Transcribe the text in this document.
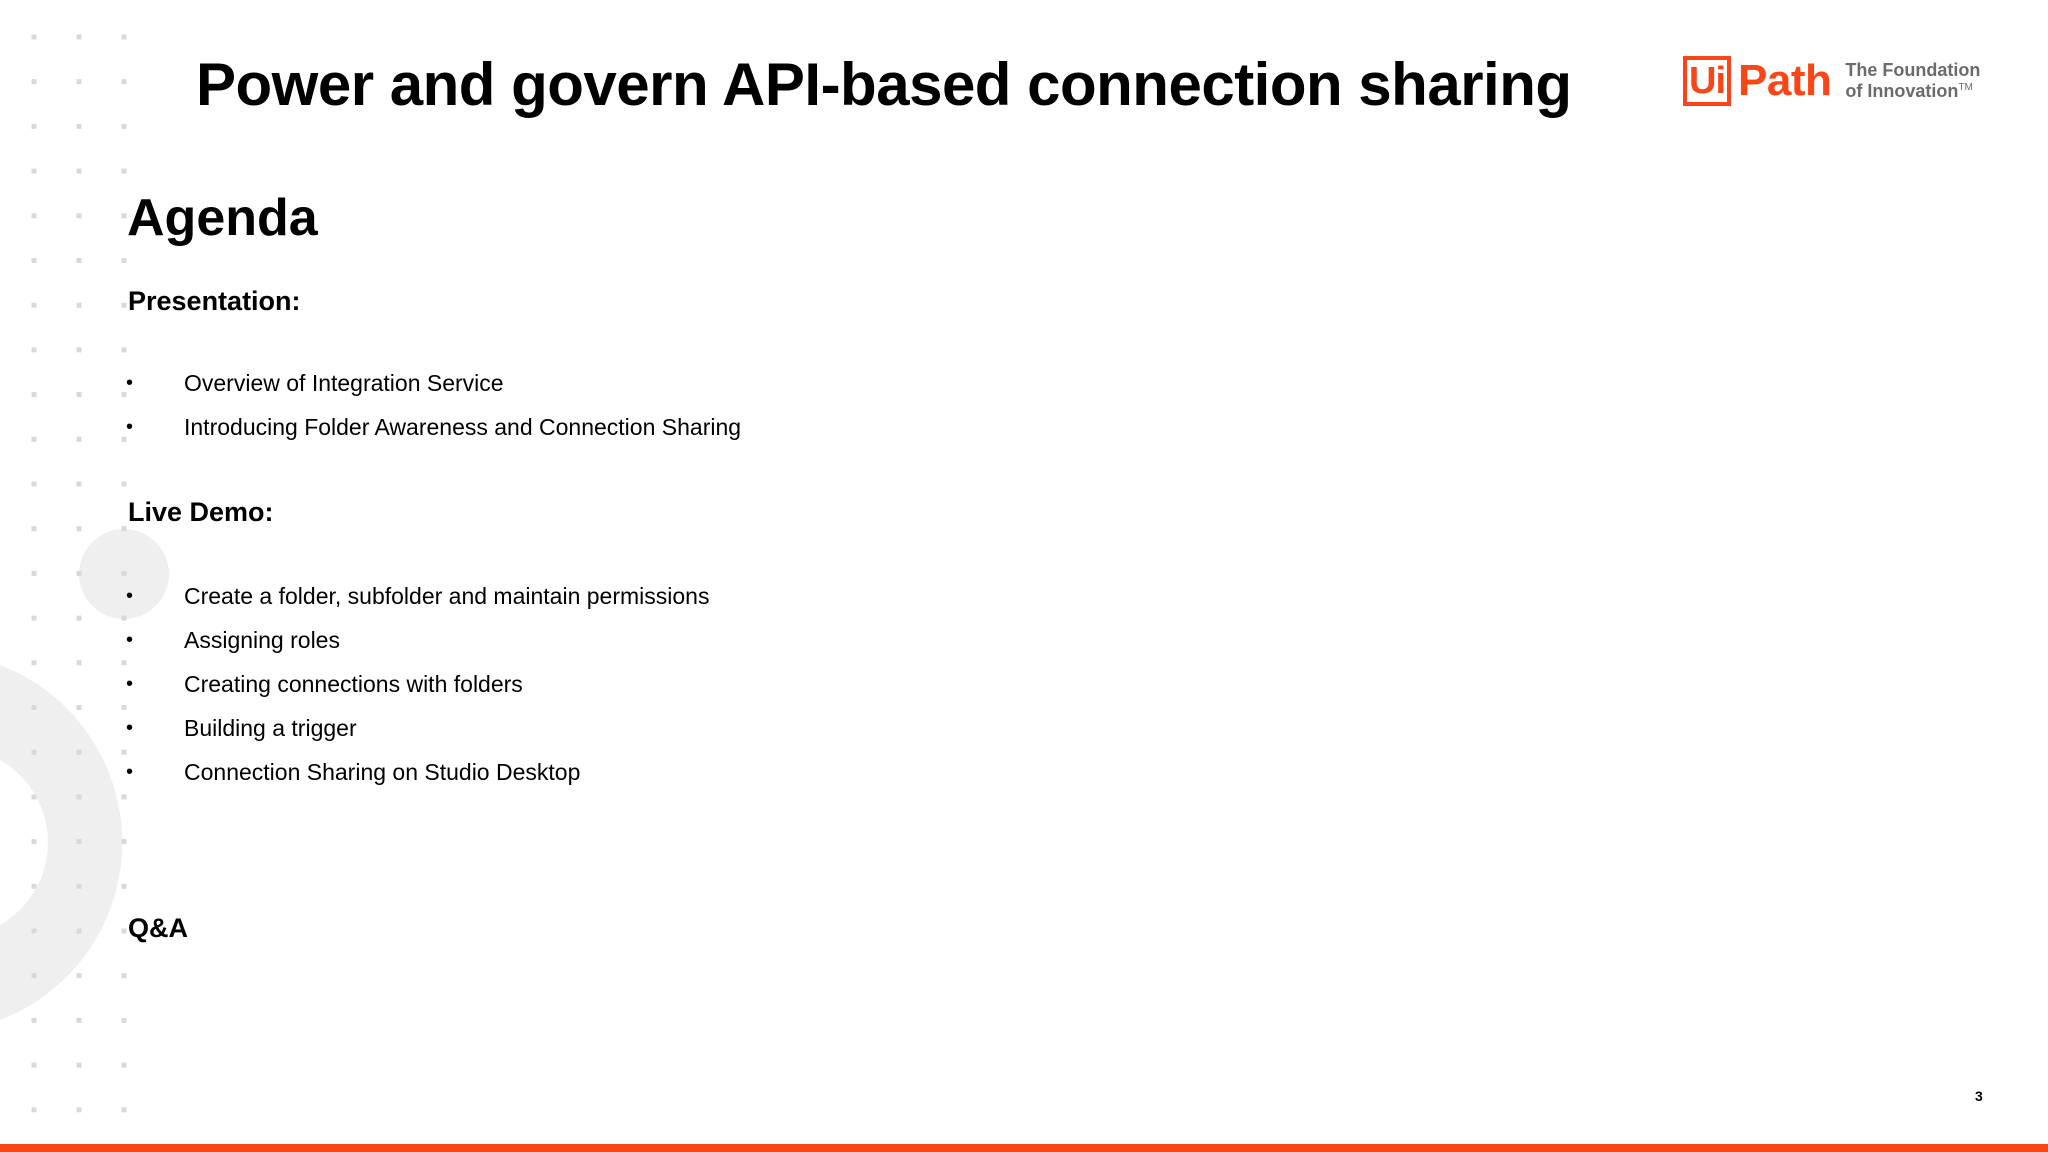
Power and govern API-based connection sharing	Ui Path The Foundation
of Innovation™
Agenda
Presentation:
•	Overview of Integration Service
•	Introducing Folder Awareness and Connection Sharing
Live Demo:
•	Create a folder, subfolder and maintain permissions
•	Assigning roles
•	Creating connections with folders
•	Building a trigger
•	Connection Sharing on Studio Desktop
Q&A
3
